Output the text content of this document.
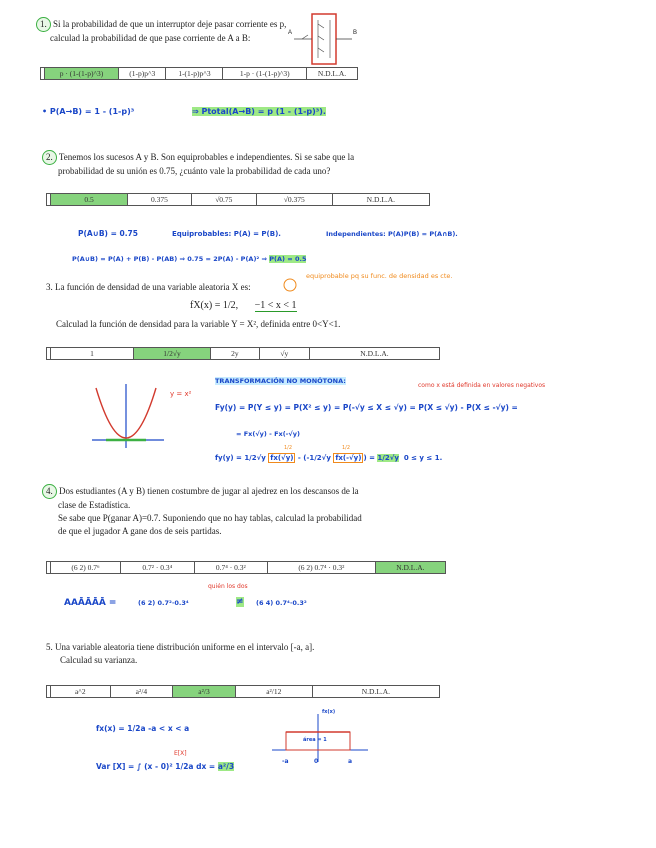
1. Si la probabilidad de que un interruptor deje pasar corriente es p,
calculad la probabilidad de que pase corriente de A a B:	A	B
	p · (1-(1-p)^3)	(1-p)p^3	1-(1-p)p^3	1-p · (1-(1-p)^3)	N.D.L.A.
• P(A→B) = 1 - (1-p)³	⇒ Ptotal(A→B) = p (1 - (1-p)³).
2. Tenemos los sucesos A y B. Son equiprobables e independientes. Si se sabe que la
probabilidad de su unión es 0.75, ¿cuánto vale la probabilidad de cada uno?
	0.5	0.375	√0.75	√0.375	N.D.L.A.
P(A∪B) = 0.75	Equiprobables: P(A) = P(B).	Independientes: P(A)P(B) = P(A∩B).
P(A∪B) = P(A) + P(B) - P(AB) ⇒ 0.75 = 2P(A) - P(A)² ⇒ P(A) = 0.5
3. La función de densidad de una variable aleatoria X es:
equiprobable pq su func. de densidad es cte.
fX(x) = 1/2, −1 < x < 1
Calculad la función de densidad para la variable Y = X², definida entre 0<Y<1.
	1	1/2√y	2y	√y	N.D.L.A.
y = x²
TRANSFORMACIÓN NO MONÓTONA:
como x está definida en valores negativos
Fy(y) = P(Y ≤ y) = P(X² ≤ y) = P(-√y ≤ X ≤ √y) = P(X ≤ √y) - P(X ≤ -√y) =
= Fx(√y) - Fx(-√y)
fy(y) = 1/2√y fx(√y) - (-1/2√y fx(-√y) ) = 1/2√y 0 ≤ y ≤ 1.
1/2	1/2
4. Dos estudiantes (A y B) tienen costumbre de jugar al ajedrez en los descansos de la
clase de Estadística.
Se sabe que P(ganar A)=0.7. Suponiendo que no hay tablas, calculad la probabilidad
de que el jugador A gane dos de seis partidas.
	(6 2) 0.7⁶	0.7² · 0.3⁴	0.7⁴ · 0.3²	(6 2) 0.7⁴ · 0.3²	N.D.L.A.
quién los dos
AAĀĀĀĀ =	(6 2) 0.7²·0.3⁴	≠ (6 4) 0.7⁴·0.3²
5. Una variable aleatoria tiene distribución uniforme en el intervalo [-a, a].
Calculad su varianza.
	a^2	a²/4	a²/3	a²/12	N.D.L.A.
fx(x) = 1/2a -a < x < a
E[X]
Var [X] = ∫ (x - 0)² 1/2a dx = a²/3
fx(x)
área = 1
-a	0	a
